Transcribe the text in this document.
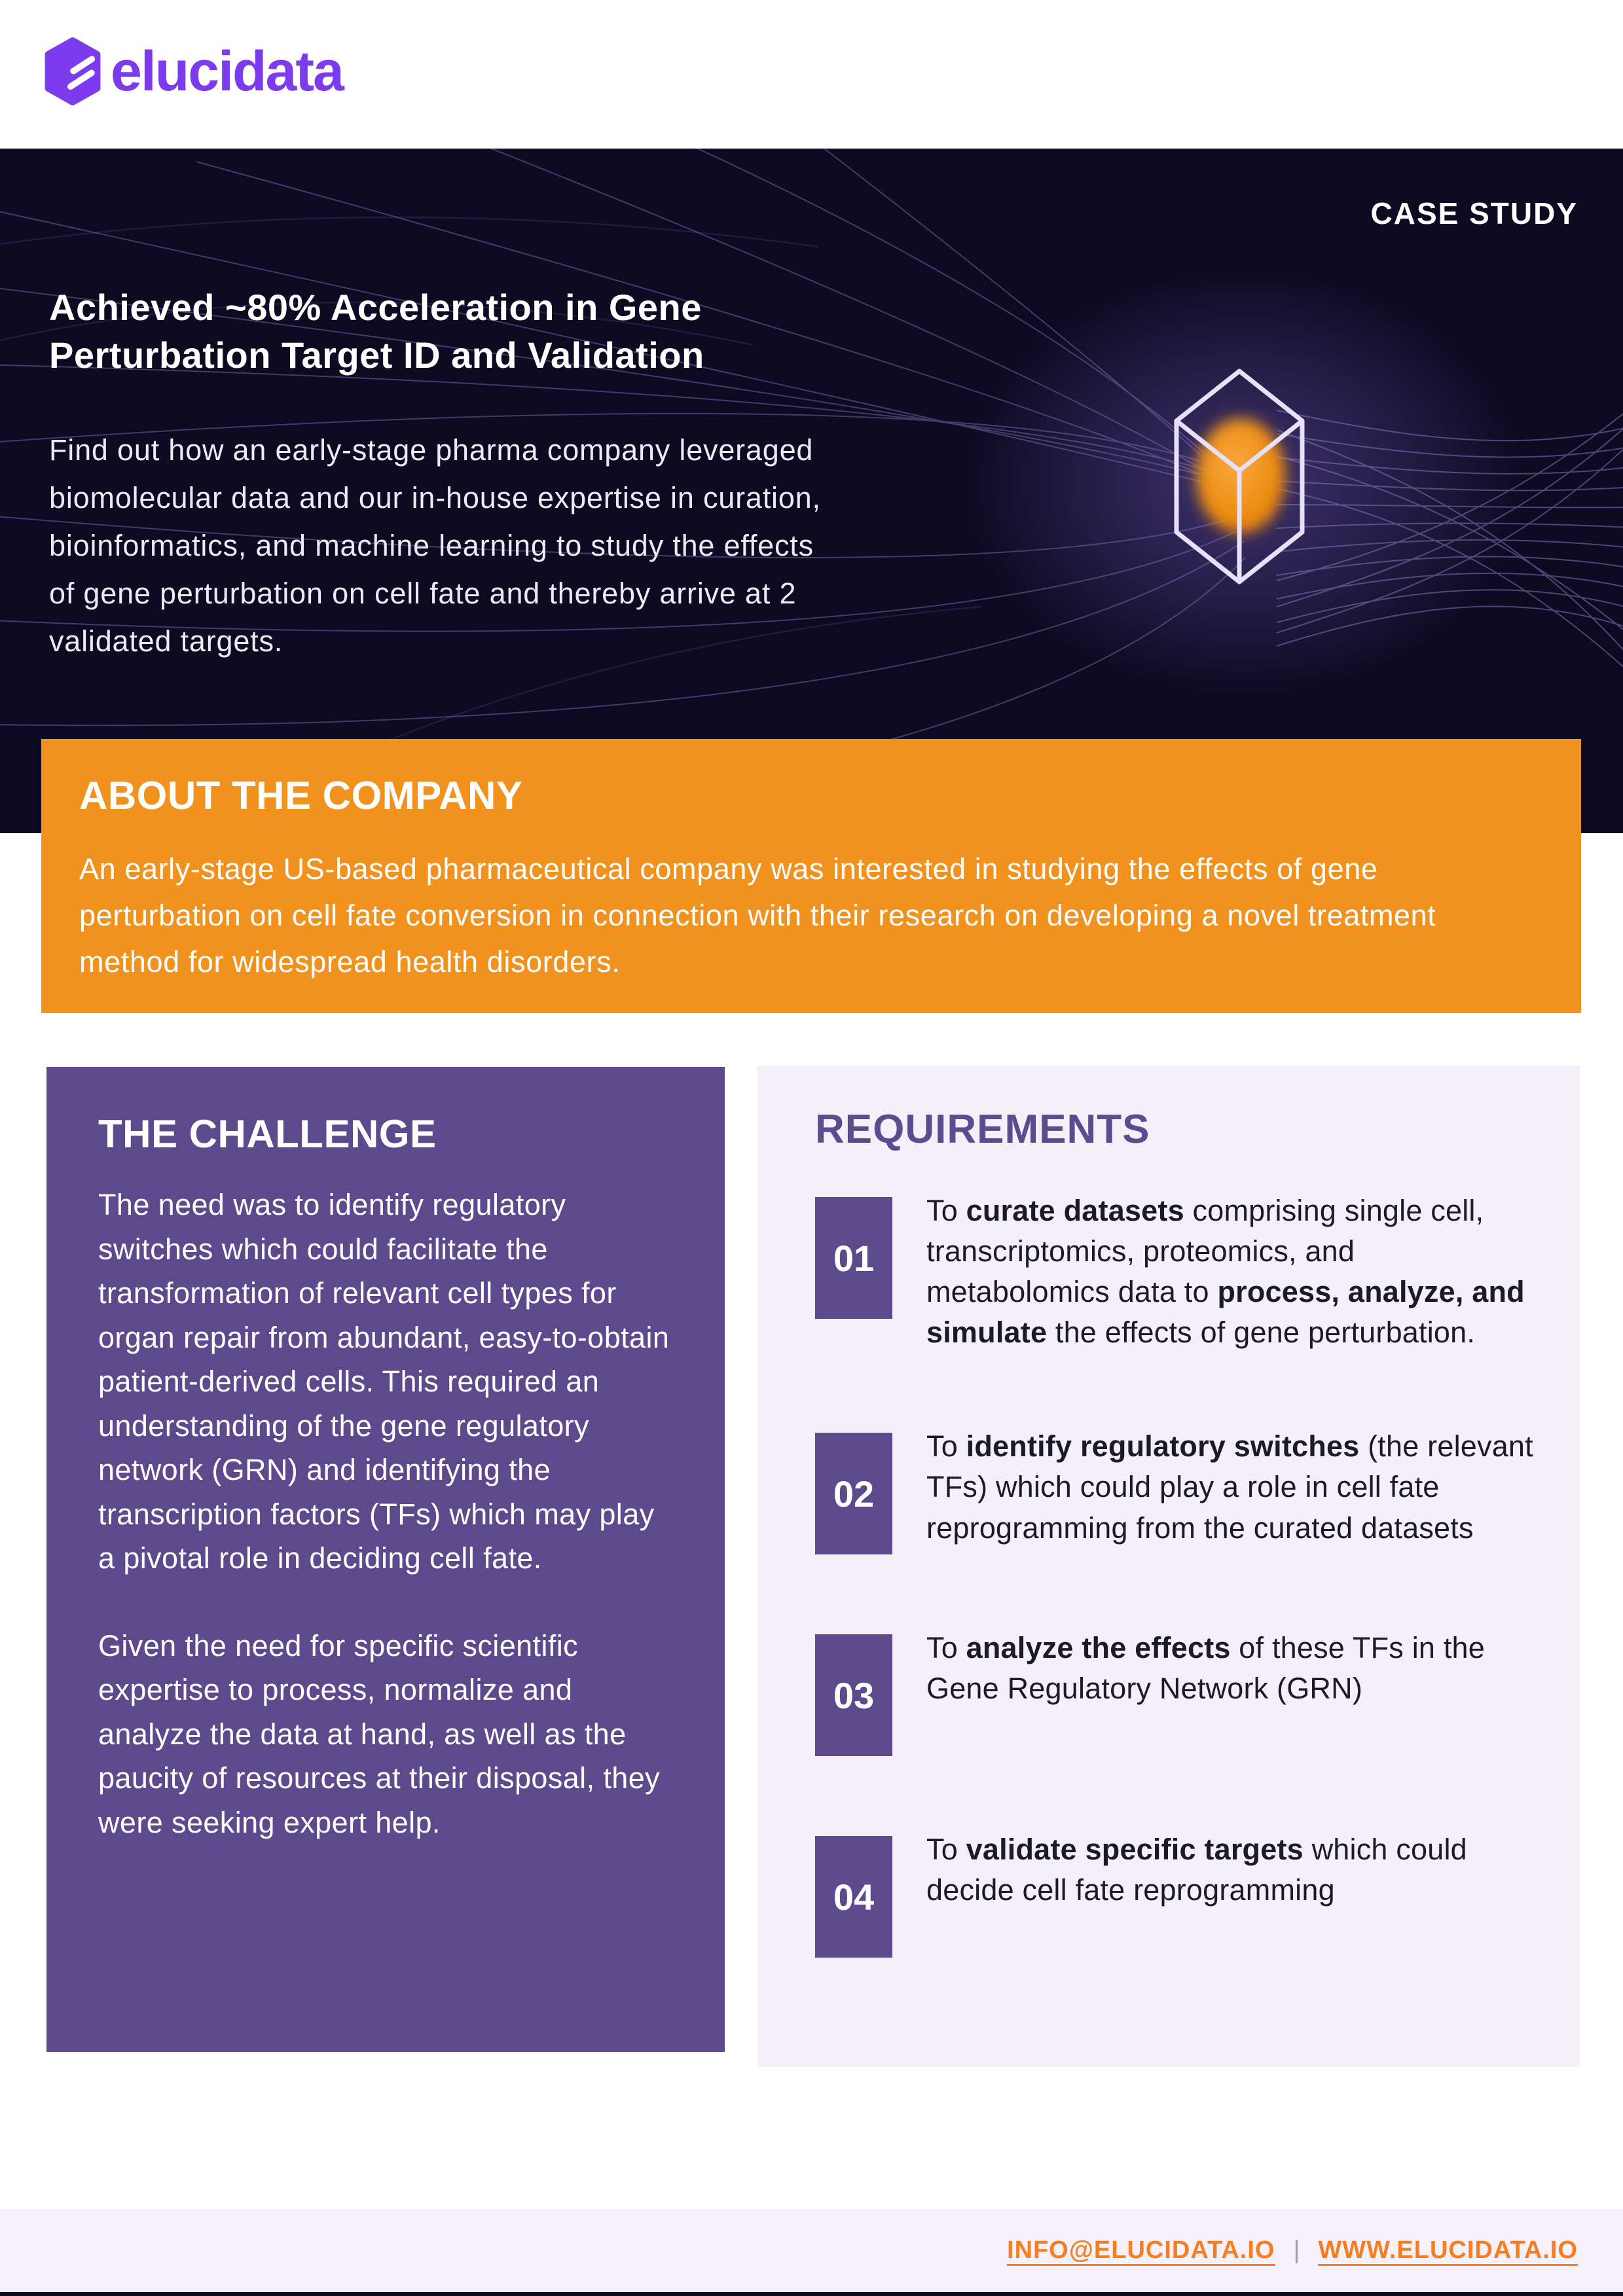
elucidata
CASE STUDY
Achieved ~80% Acceleration in Gene Perturbation Target ID and Validation
Find out how an early-stage pharma company leveraged biomolecular data and our in-house expertise in curation, bioinformatics, and machine learning to study the effects of gene perturbation on cell fate and thereby arrive at 2 validated targets.
ABOUT THE COMPANY

An early-stage US-based pharmaceutical company was interested in studying the effects of gene perturbation on cell fate conversion in connection with their research on developing a novel treatment method for widespread health disorders.

THE CHALLENGE

The need was to identify regulatory switches which could facilitate the transformation of relevant cell types for organ repair from abundant, easy-to-obtain patient-derived cells. This required an understanding of the gene regulatory network (GRN) and identifying the transcription factors (TFs) which may play a pivotal role in deciding cell fate.

Given the need for specific scientific expertise to process, normalize and analyze the data at hand, as well as the paucity of resources at their disposal, they were seeking expert help.

REQUIREMENTS
01
To curate datasets comprising single cell, transcriptomics, proteomics, and metabolomics data to process, analyze, and simulate the effects of gene perturbation.
02
To identify regulatory switches (the relevant TFs) which could play a role in cell fate reprogramming from the curated datasets
03
To analyze the effects of these TFs in the Gene Regulatory Network (GRN)
04
To validate specific targets which could decide cell fate reprogramming
INFO@ELUCIDATA.IO | WWW.ELUCIDATA.IO
